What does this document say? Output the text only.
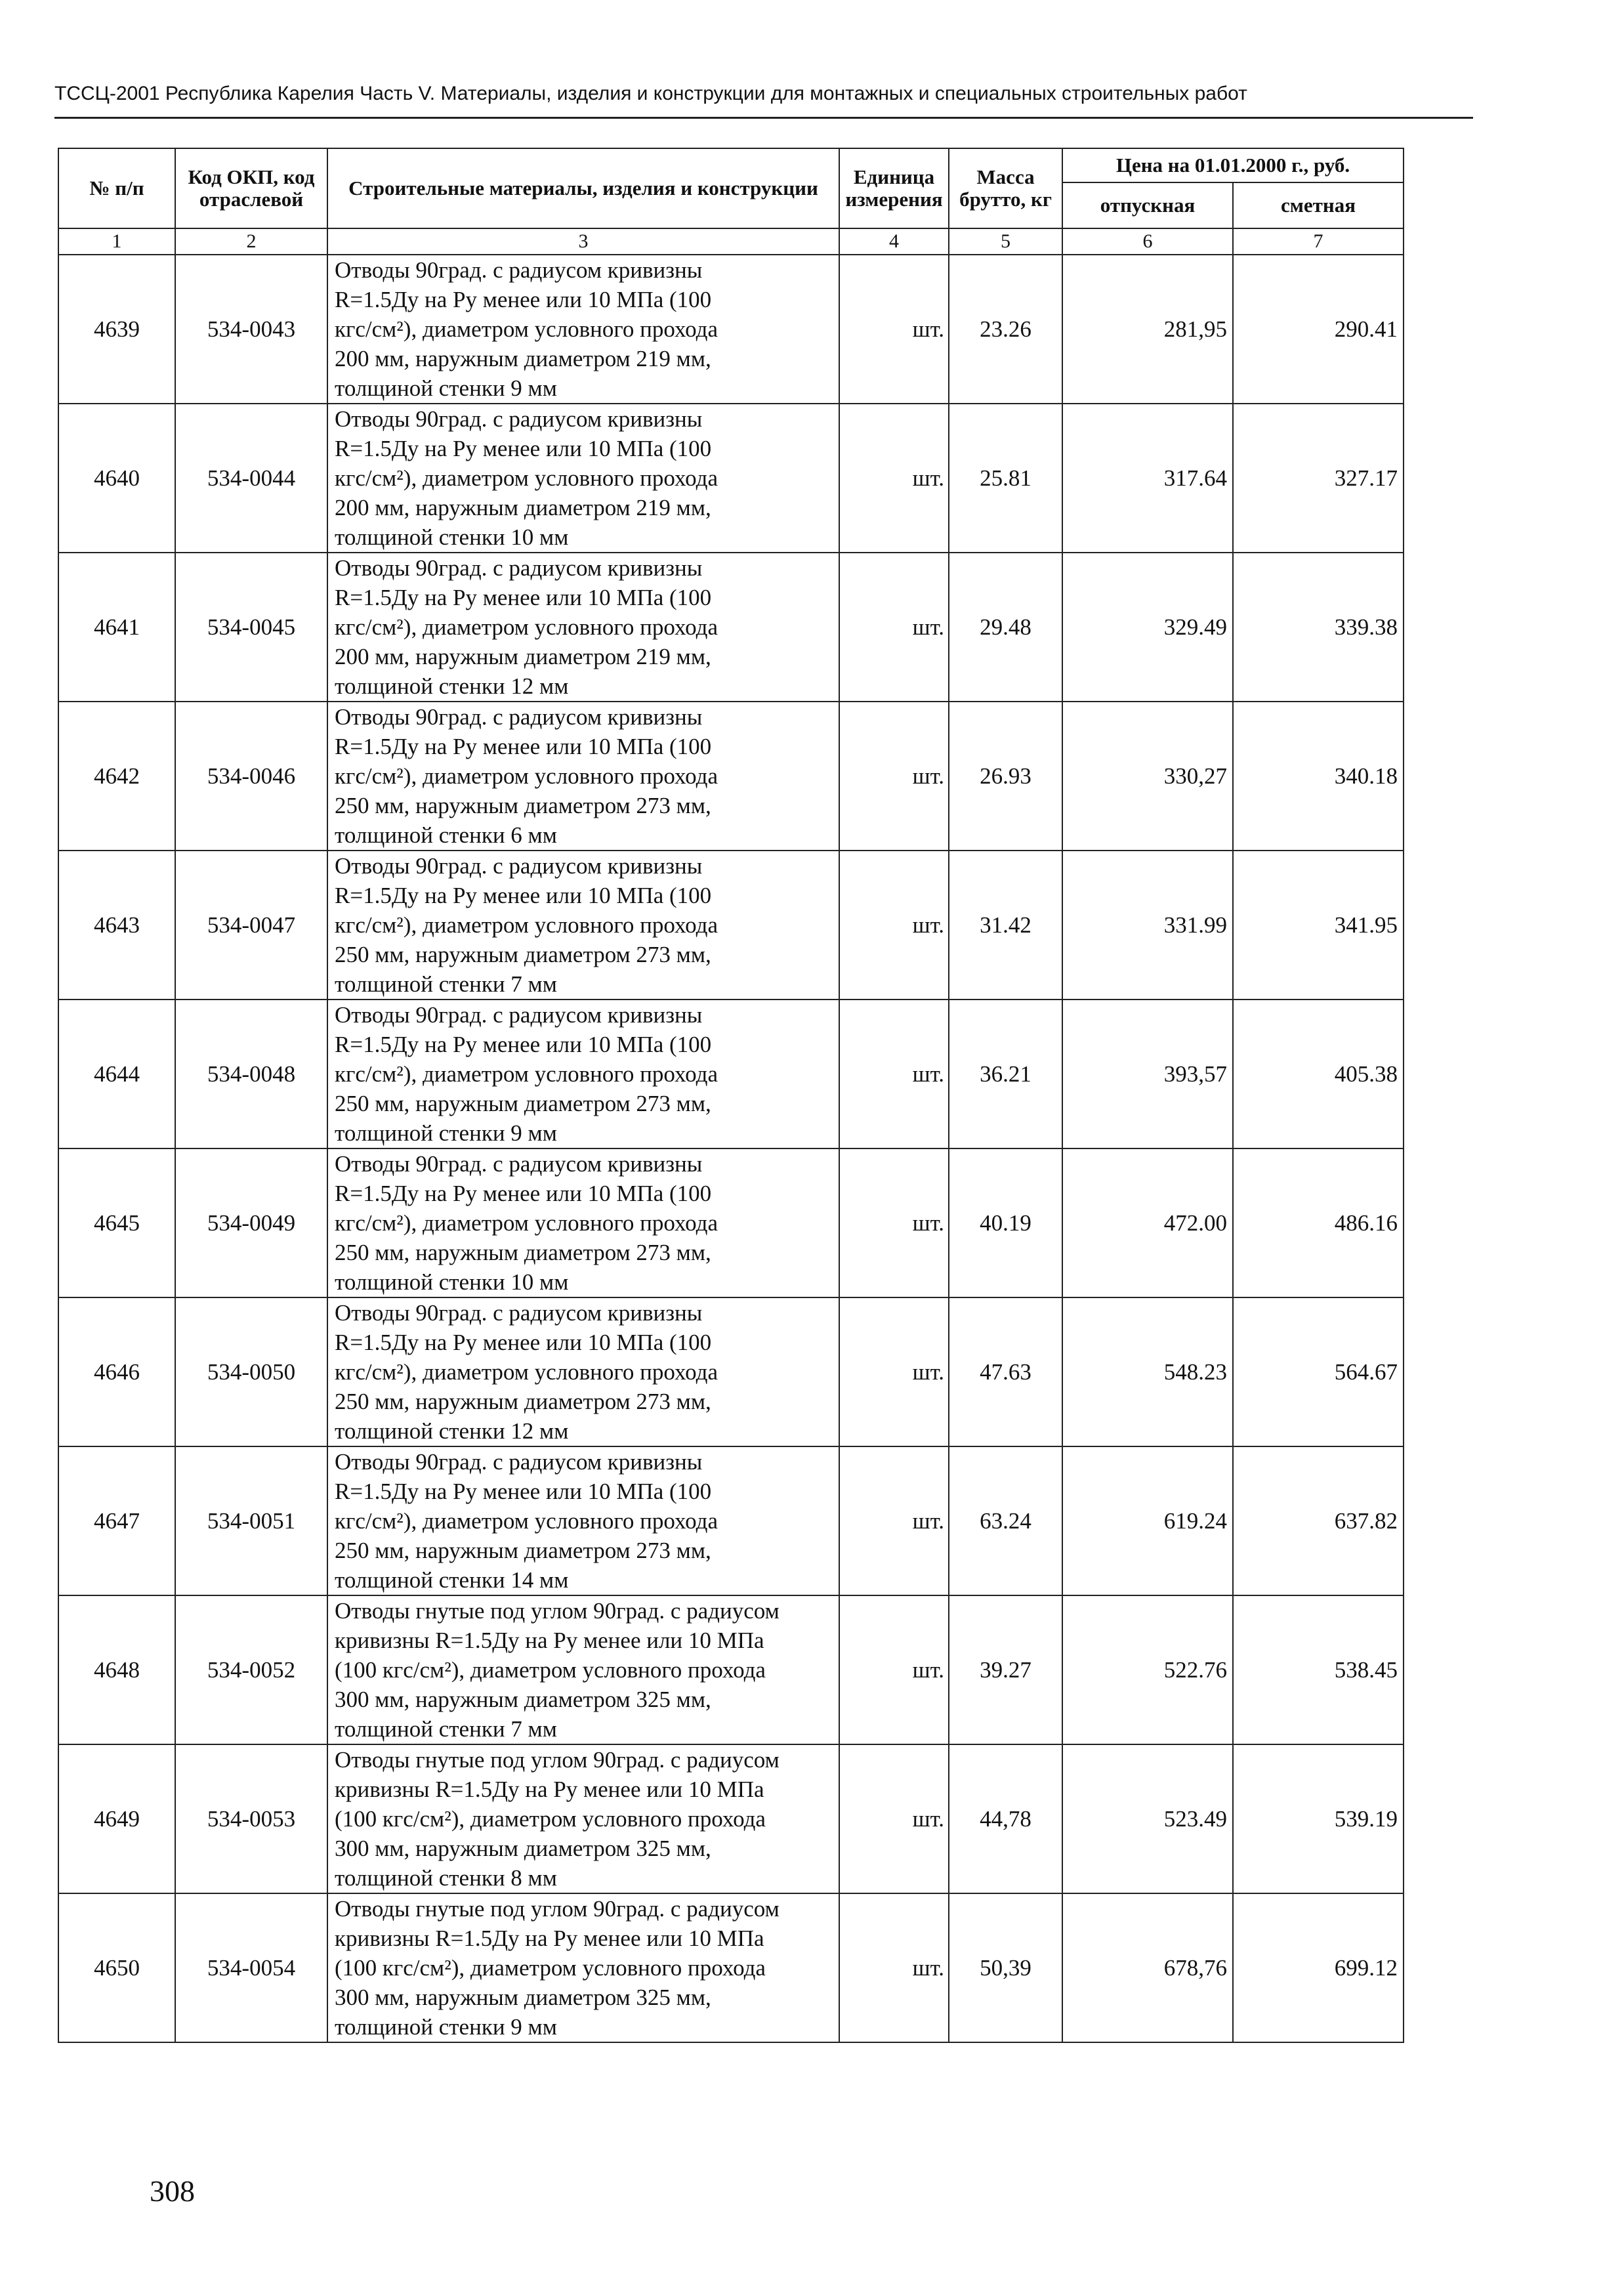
ТССЦ-2001 Республика Карелия Часть V. Материалы, изделия и конструкции для монтажных и специальных строительных работ
№ п/п	Код ОКП, код отраслевой	Строительные материалы, изделия и конструкции	Единица измерения	Масса брутто, кг	Цена на 01.01.2000 г., руб.	
					отпускная	сметная
1	2	3	4	5	6	7
4639	534-0043	Отводы 90град. с радиусом кривизны
R=1.5Ду на Ру менее или 10 МПа (100
кгс/см²), диаметром условного прохода
200 мм, наружным диаметром 219 мм,
толщиной стенки 9 мм	шт.	23.26	281,95	290.41
4640	534-0044	Отводы 90град. с радиусом кривизны
R=1.5Ду на Ру менее или 10 МПа (100
кгс/см²), диаметром условного прохода
200 мм, наружным диаметром 219 мм,
толщиной стенки 10 мм	шт.	25.81	317.64	327.17
4641	534-0045	Отводы 90град. с радиусом кривизны
R=1.5Ду на Ру менее или 10 МПа (100
кгс/см²), диаметром условного прохода
200 мм, наружным диаметром 219 мм,
толщиной стенки 12 мм	шт.	29.48	329.49	339.38
4642	534-0046	Отводы 90град. с радиусом кривизны
R=1.5Ду на Ру менее или 10 МПа (100
кгс/см²), диаметром условного прохода
250 мм, наружным диаметром 273 мм,
толщиной стенки 6 мм	шт.	26.93	330,27	340.18
4643	534-0047	Отводы 90град. с радиусом кривизны
R=1.5Ду на Ру менее или 10 МПа (100
кгс/см²), диаметром условного прохода
250 мм, наружным диаметром 273 мм,
толщиной стенки 7 мм	шт.	31.42	331.99	341.95
4644	534-0048	Отводы 90град. с радиусом кривизны
R=1.5Ду на Ру менее или 10 МПа (100
кгс/см²), диаметром условного прохода
250 мм, наружным диаметром 273 мм,
толщиной стенки 9 мм	шт.	36.21	393,57	405.38
4645	534-0049	Отводы 90град. с радиусом кривизны
R=1.5Ду на Ру менее или 10 МПа (100
кгс/см²), диаметром условного прохода
250 мм, наружным диаметром 273 мм,
толщиной стенки 10 мм	шт.	40.19	472.00	486.16
4646	534-0050	Отводы 90град. с радиусом кривизны
R=1.5Ду на Ру менее или 10 МПа (100
кгс/см²), диаметром условного прохода
250 мм, наружным диаметром 273 мм,
толщиной стенки 12 мм	шт.	47.63	548.23	564.67
4647	534-0051	Отводы 90град. с радиусом кривизны
R=1.5Ду на Ру менее или 10 МПа (100
кгс/см²), диаметром условного прохода
250 мм, наружным диаметром 273 мм,
толщиной стенки 14 мм	шт.	63.24	619.24	637.82
4648	534-0052	Отводы гнутые под углом 90град. с радиусом
кривизны R=1.5Ду на Ру менее или 10 МПа
(100 кгс/см²), диаметром условного прохода
300 мм, наружным диаметром 325 мм,
толщиной стенки 7 мм	шт.	39.27	522.76	538.45
4649	534-0053	Отводы гнутые под углом 90град. с радиусом
кривизны R=1.5Ду на Ру менее или 10 МПа
(100 кгс/см²), диаметром условного прохода
300 мм, наружным диаметром 325 мм,
толщиной стенки 8 мм	шт.	44,78	523.49	539.19
4650	534-0054	Отводы гнутые под углом 90град. с радиусом
кривизны R=1.5Ду на Ру менее или 10 МПа
(100 кгс/см²), диаметром условного прохода
300 мм, наружным диаметром 325 мм,
толщиной стенки 9 мм	шт.	50,39	678,76	699.12
308
